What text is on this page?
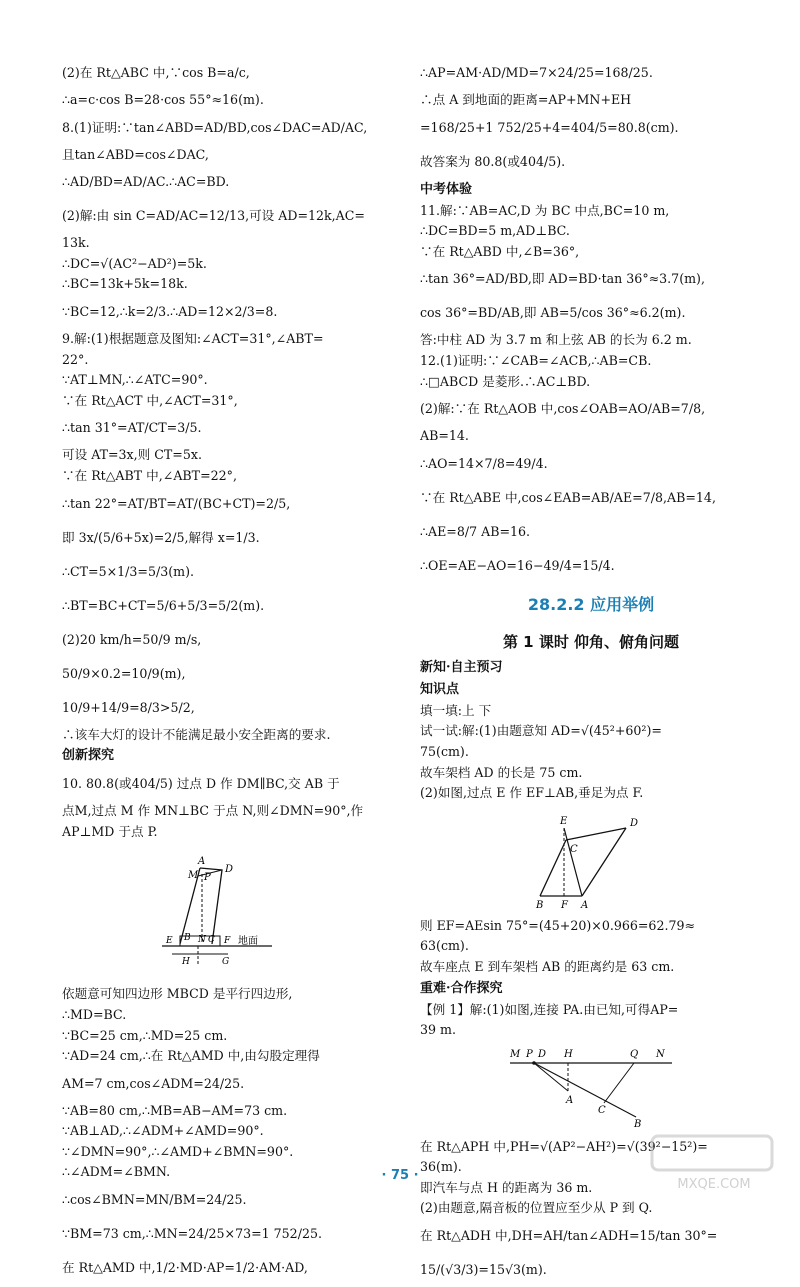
(2)在 Rt△ABC 中,∵cos B=a/c,
∴a=c·cos B=28·cos 55°≈16(m).
8.(1)证明:∵tan∠ABD=AD/BD,cos∠DAC=AD/AC,
且tan∠ABD=cos∠DAC,
∴AD/BD=AD/AC.∴AC=BD.
(2)解:由 sin C=AD/AC=12/13,可设 AD=12k,AC=
13k.
∴DC=√(AC²−AD²)=5k.
∴BC=13k+5k=18k.
∵BC=12,∴k=2/3.∴AD=12×2/3=8.
9.解:(1)根据题意及图知:∠ACT=31°,∠ABT=
22°.
∵AT⊥MN,∴∠ATC=90°.
∵在 Rt△ACT 中,∠ACT=31°,
∴tan 31°=AT/CT=3/5.
可设 AT=3x,则 CT=5x.
∵在 Rt△ABT 中,∠ABT=22°,
∴tan 22°=AT/BT=AT/(BC+CT)=2/5,
即 3x/(5/6+5x)=2/5,解得 x=1/3.
∴CT=5×1/3=5/3(m).
∴BT=BC+CT=5/6+5/3=5/2(m).
(2)20 km/h=50/9 m/s,
50/9×0.2=10/9(m),
10/9+14/9=8/3>5/2,
∴该车大灯的设计不能满足最小安全距离的要求.
创新探究
10. 80.8(或404/5) 过点 D 作 DM∥BC,交 AB 于
点M,过点 M 作 MN⊥BC 于点 N,则∠DMN=90°,作
AP⊥MD 于点 P.
A
D
P
M
B N C F
E
H	G
地面
依题意可知四边形 MBCD 是平行四边形,
∴MD=BC.
∵BC=25 cm,∴MD=25 cm.
∵AD=24 cm,∴在 Rt△AMD 中,由勾股定理得
AM=7 cm,cos∠ADM=24/25.
∵AB=80 cm,∴MB=AB−AM=73 cm.
∵AB⊥AD,∴∠ADM+∠AMD=90°.
∵∠DMN=90°,∴∠AMD+∠BMN=90°.
∴∠ADM=∠BMN.
∴cos∠BMN=MN/BM=24/25.
∵BM=73 cm,∴MN=24/25×73=1 752/25.
在 Rt△AMD 中,1/2·MD·AP=1/2·AM·AD,
∴AP=AM·AD/MD=7×24/25=168/25.
∴点 A 到地面的距离=AP+MN+EH
=168/25+1 752/25+4=404/5=80.8(cm).
故答案为 80.8(或404/5).
中考体验
11.解:∵AB=AC,D 为 BC 中点,BC=10 m,
∴DC=BD=5 m,AD⊥BC.
∵在 Rt△ABD 中,∠B=36°,
∴tan 36°=AD/BD,即 AD=BD·tan 36°≈3.7(m),
cos 36°=BD/AB,即 AB=5/cos 36°≈6.2(m).
答:中柱 AD 为 3.7 m 和上弦 AB 的长为 6.2 m.
12.(1)证明:∵∠CAB=∠ACB,∴AB=CB.
∴□ABCD 是菱形.∴AC⊥BD.
(2)解:∵在 Rt△AOB 中,cos∠OAB=AO/AB=7/8,
AB=14.
∴AO=14×7/8=49/4.
∵在 Rt△ABE 中,cos∠EAB=AB/AE=7/8,AB=14,
∴AE=8/7 AB=16.
∴OE=AE−AO=16−49/4=15/4.
28.2.2 应用举例
第 1 课时 仰角、俯角问题
新知·自主预习
知识点
填一填:上 下
试一试:解:(1)由题意知 AD=√(45²+60²)=
75(cm).
故车架档 AD 的长是 75 cm.
(2)如图,过点 E 作 EF⊥AB,垂足为点 F.
E	D
C
B F A
则 EF=AEsin 75°=(45+20)×0.966=62.79≈
63(cm).
故车座点 E 到车架档 AB 的距离约是 63 cm.
重难·合作探究
【例 1】解:(1)如图,连接 PA.由已知,可得AP=
39 m.
M P D H	Q N
A
C
B
在 Rt△APH 中,PH=√(AP²−AH²)=√(39²−15²)=
36(m).
即汽车与点 H 的距离为 36 m.
(2)由题意,隔音板的位置应至少从 P 到 Q.
在 Rt△ADH 中,DH=AH/tan∠ADH=15/tan 30°=
15/(√3/3)=15√3(m).
· 75 ·
MXQE.COM
